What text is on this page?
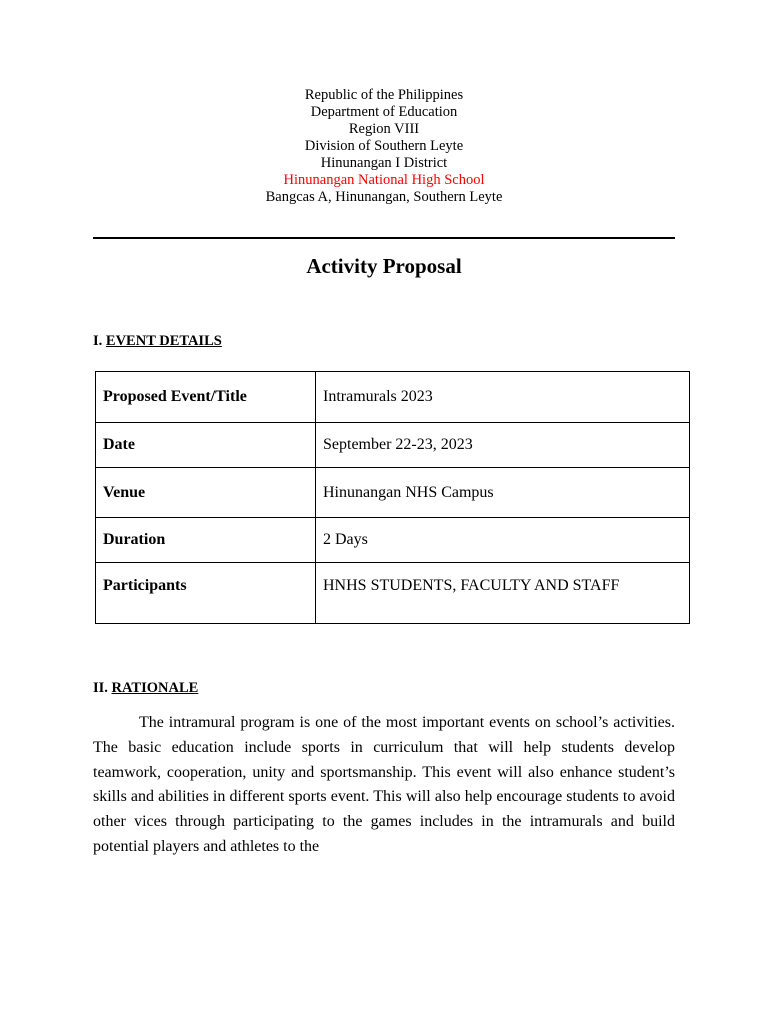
Republic of the Philippines
Department of Education
Region VIII
Division of Southern Leyte
Hinunangan I District
Hinunangan National High School
Bangcas A, Hinunangan, Southern Leyte
Activity Proposal
I. EVENT DETAILS
Proposed Event/Title	Intramurals 2023
Date	September 22-23, 2023
Venue	Hinunangan NHS Campus
Duration	2 Days
Participants	HNHS STUDENTS, FACULTY AND STAFF
II. RATIONALE

The intramural program is one of the most important events on school’s activities. The basic education include sports in curriculum that will help students develop teamwork, cooperation, unity and sportsmanship. This event will also enhance student’s skills and abilities in different sports event. This will also help encourage students to avoid other vices through participating to the games includes in the intramurals and build potential players and athletes to the
